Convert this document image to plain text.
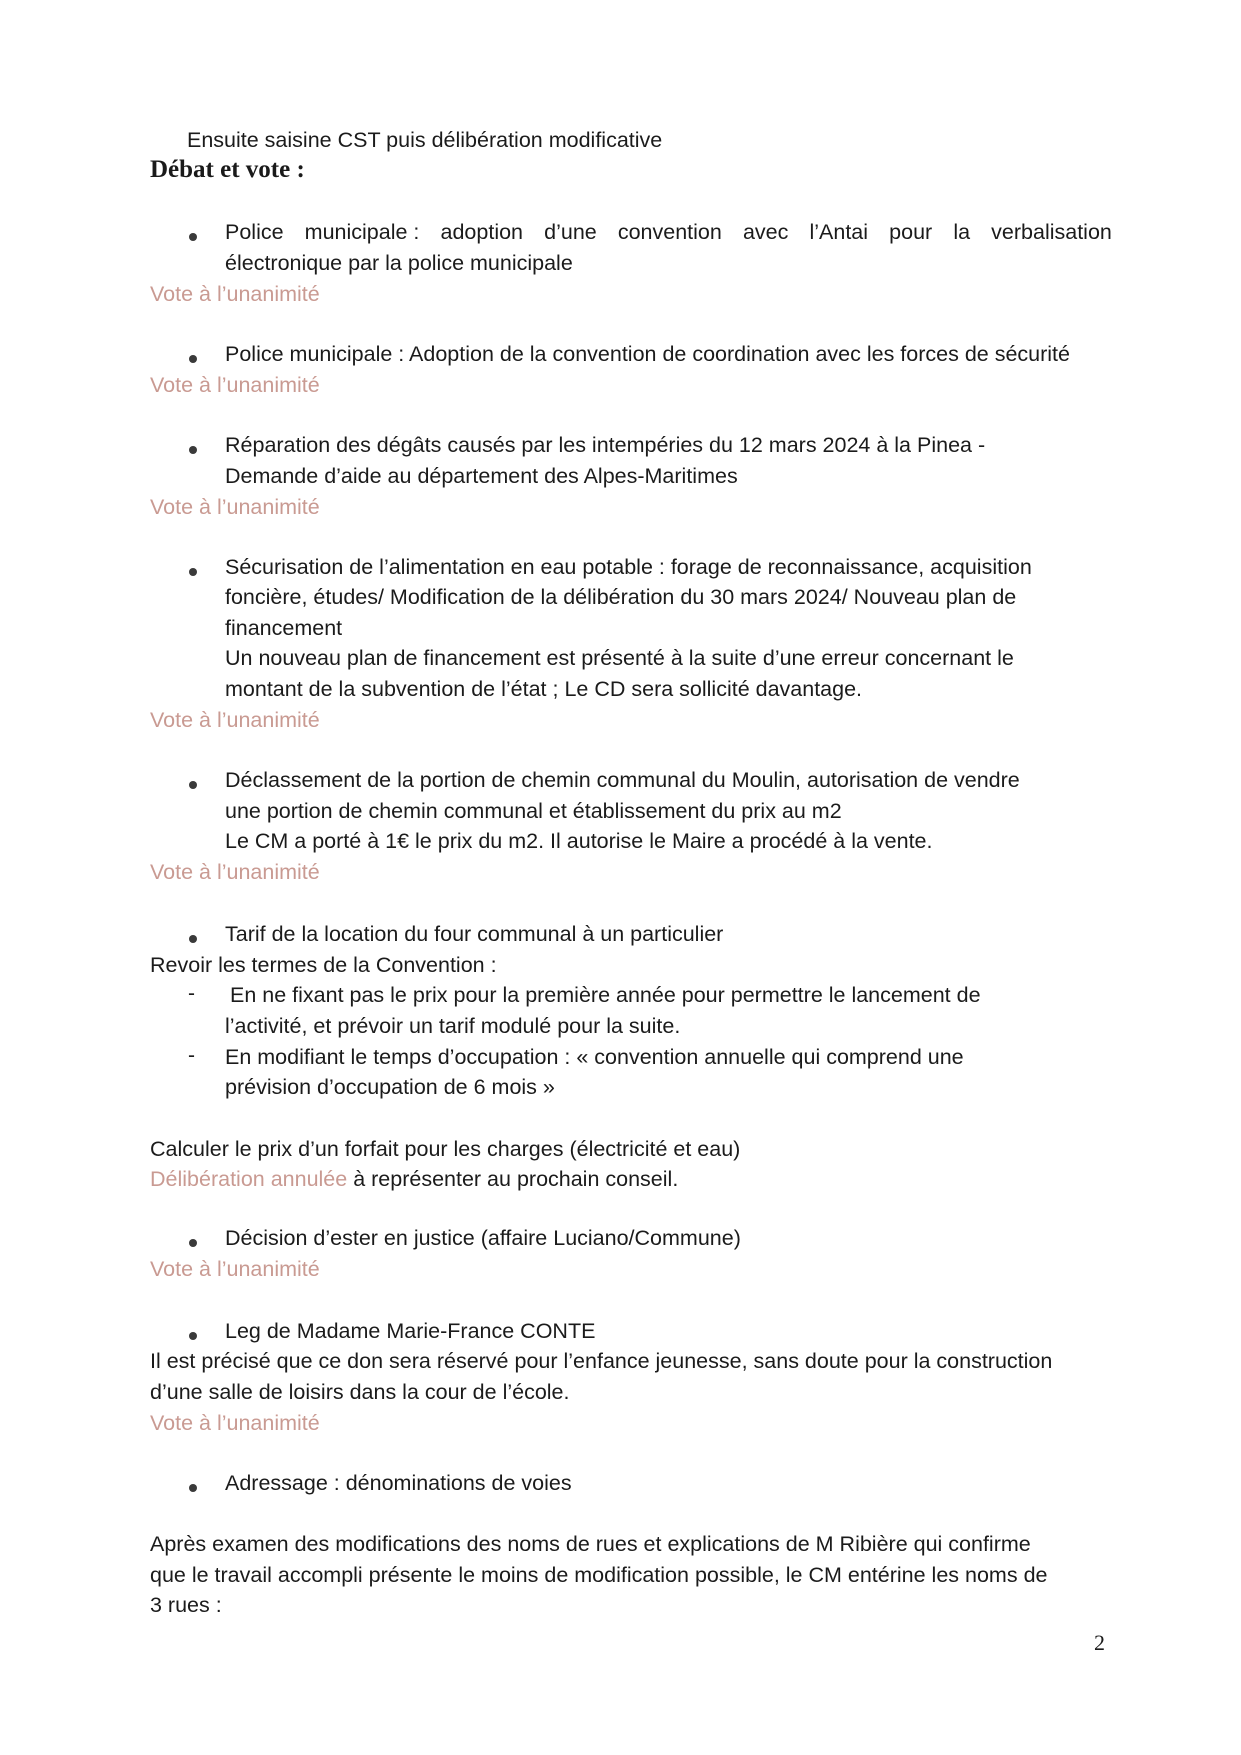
Ensuite saisine CST puis délibération modificative
Débat et vote :
Police municipale : adoption d’une convention avec l’Antai pour la verbalisation
électronique par la police municipale
Vote à l’unanimité
Police municipale : Adoption de la convention de coordination avec les forces de sécurité
Vote à l’unanimité
Réparation des dégâts causés par les intempéries du 12 mars 2024 à la Pinea -
Demande d’aide au département des Alpes-Maritimes
Vote à l’unanimité
Sécurisation de l’alimentation en eau potable : forage de reconnaissance, acquisition
foncière, études/ Modification de la délibération du 30 mars 2024/ Nouveau plan de
financement
Un nouveau plan de financement est présenté à la suite d’une erreur concernant le
montant de la subvention de l’état ; Le CD sera sollicité davantage.
Vote à l’unanimité
Déclassement de la portion de chemin communal du Moulin, autorisation de vendre
une portion de chemin communal et établissement du prix au m2
Le CM a porté à 1€ le prix du m2. Il autorise le Maire a procédé à la vente.
Vote à l’unanimité
Tarif de la location du four communal à un particulier
Revoir les termes de la Convention :
- En ne fixant pas le prix pour la première année pour permettre le lancement de
l’activité, et prévoir un tarif modulé pour la suite.
- En modifiant le temps d’occupation : « convention annuelle qui comprend une
prévision d’occupation de 6 mois »
Calculer le prix d’un forfait pour les charges (électricité et eau)
Délibération annulée à représenter au prochain conseil.
Décision d’ester en justice (affaire Luciano/Commune)
Vote à l’unanimité
Leg de Madame Marie-France CONTE
Il est précisé que ce don sera réservé pour l’enfance jeunesse, sans doute pour la construction
d’une salle de loisirs dans la cour de l’école.
Vote à l’unanimité
Adressage : dénominations de voies
Après examen des modifications des noms de rues et explications de M Ribière qui confirme
que le travail accompli présente le moins de modification possible, le CM entérine les noms de
3 rues :
2
